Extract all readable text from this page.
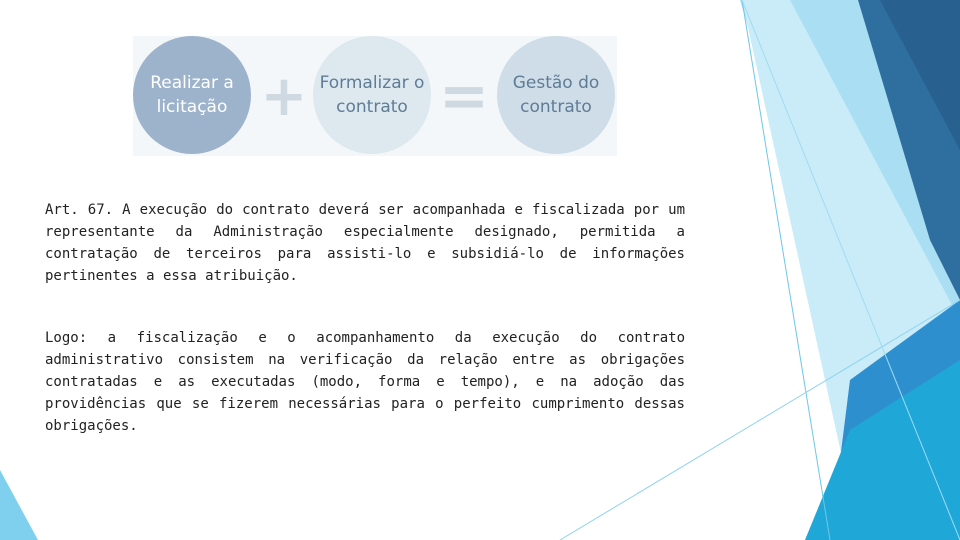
Realizar a licitação + Formalizar o contrato =	Gestão do contrato

Art. 67. A execução do contrato deverá ser acompanhada e fiscalizada por um representante da Administração especialmente designado, permitida a contratação de terceiros para assisti-lo e subsidiá-lo de informações pertinentes a essa atribuição.

Logo: a fiscalização e o acompanhamento da execução do contrato administrativo consistem na verificação da relação entre as obrigações contratadas e as executadas (modo, forma e tempo), e na adoção das providências que se fizerem necessárias para o perfeito cumprimento dessas obrigações.
